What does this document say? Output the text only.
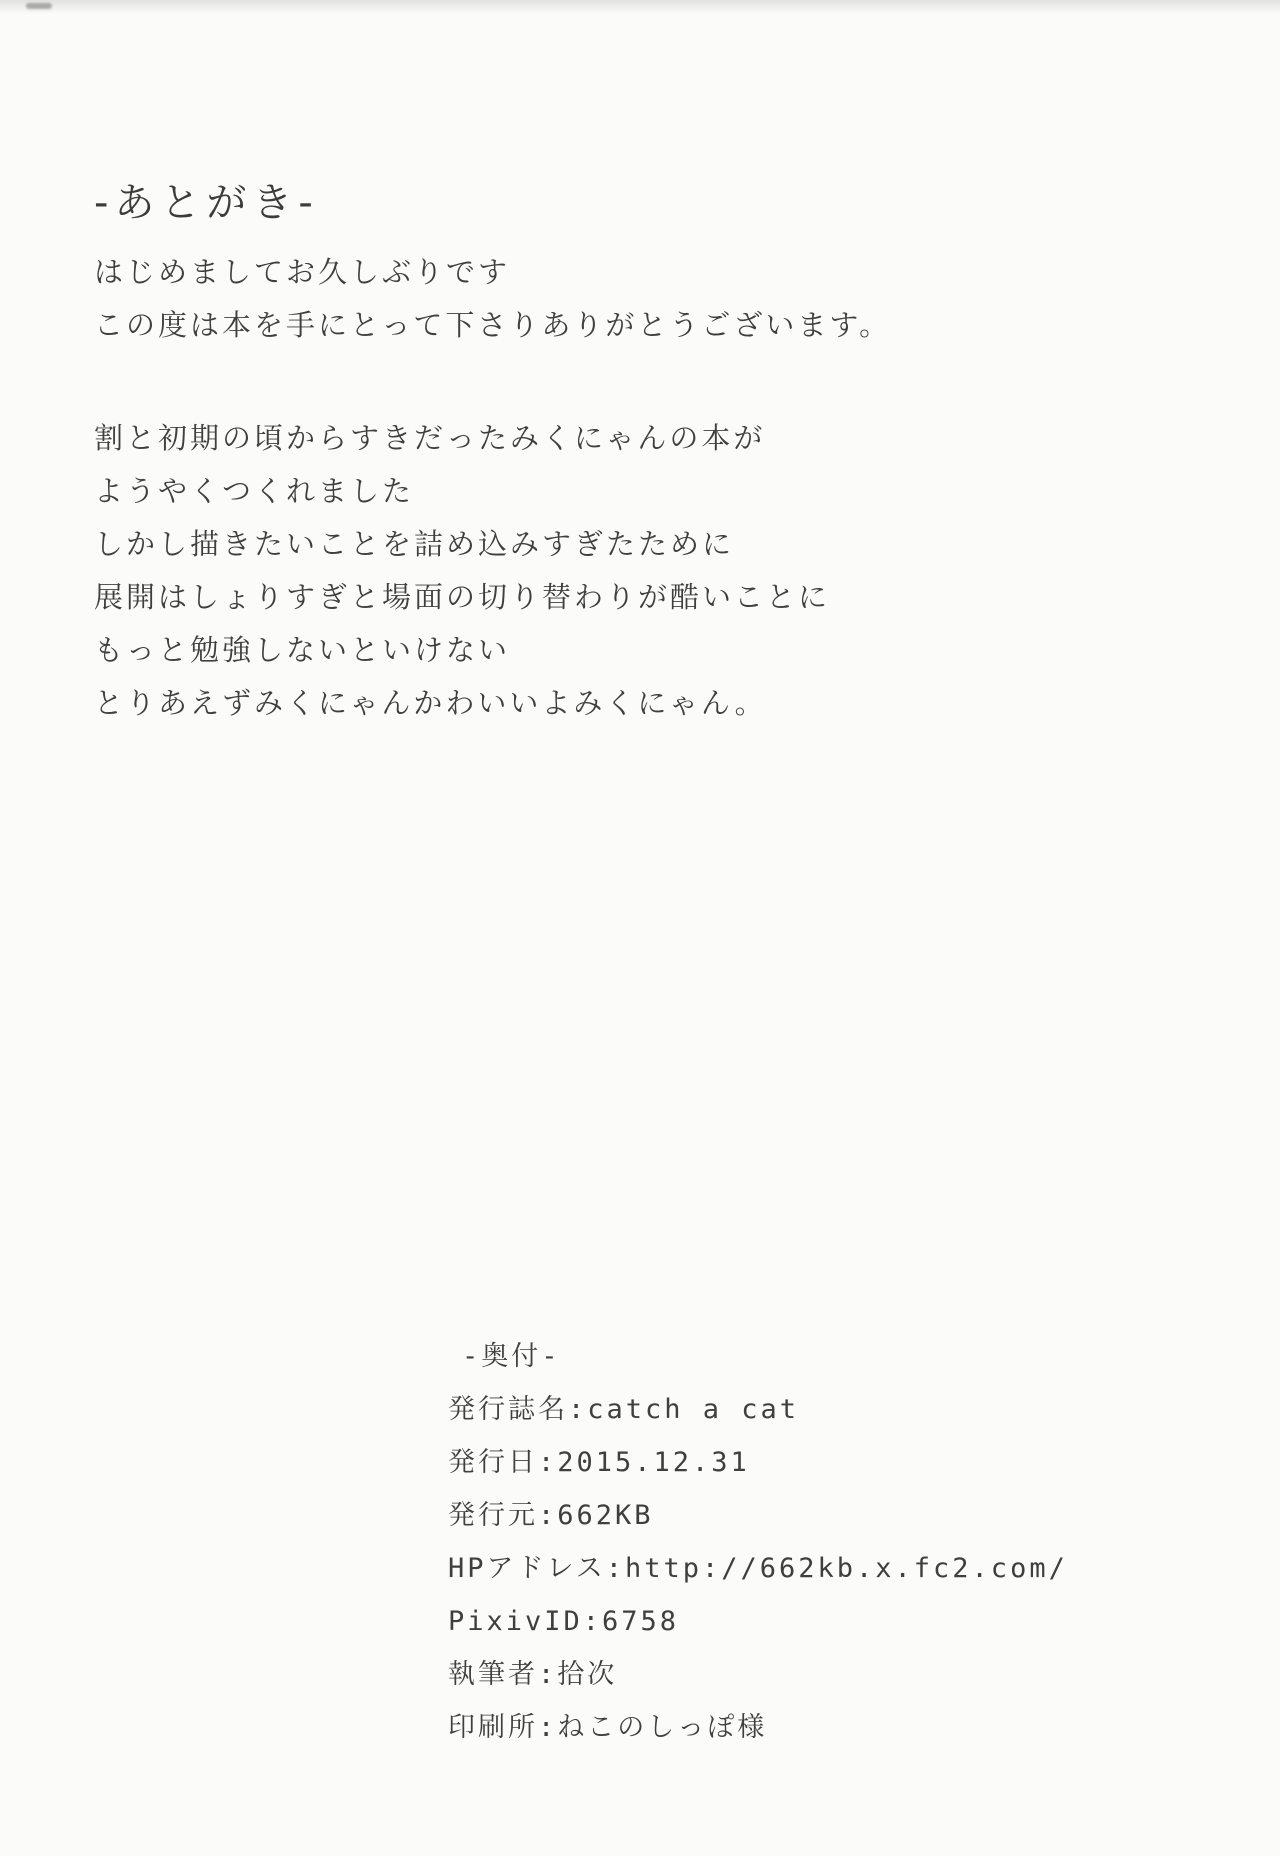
-あとがき-

はじめましてお久しぶりです

この度は本を手にとって下さりありがとうございます。

割と初期の頃からすきだったみくにゃんの本が

ようやくつくれました

しかし描きたいことを詰め込みすぎたために

展開はしょりすぎと場面の切り替わりが酷いことに

もっと勉強しないといけない

とりあえずみくにゃんかわいいよみくにゃん。

-奥付-

発行誌名:catch a cat

発行日:2015.12.31

発行元:662KB

HPアドレス:http://662kb.x.fc2.com/

PixivID:6758

執筆者:拾次

印刷所:ねこのしっぽ様
